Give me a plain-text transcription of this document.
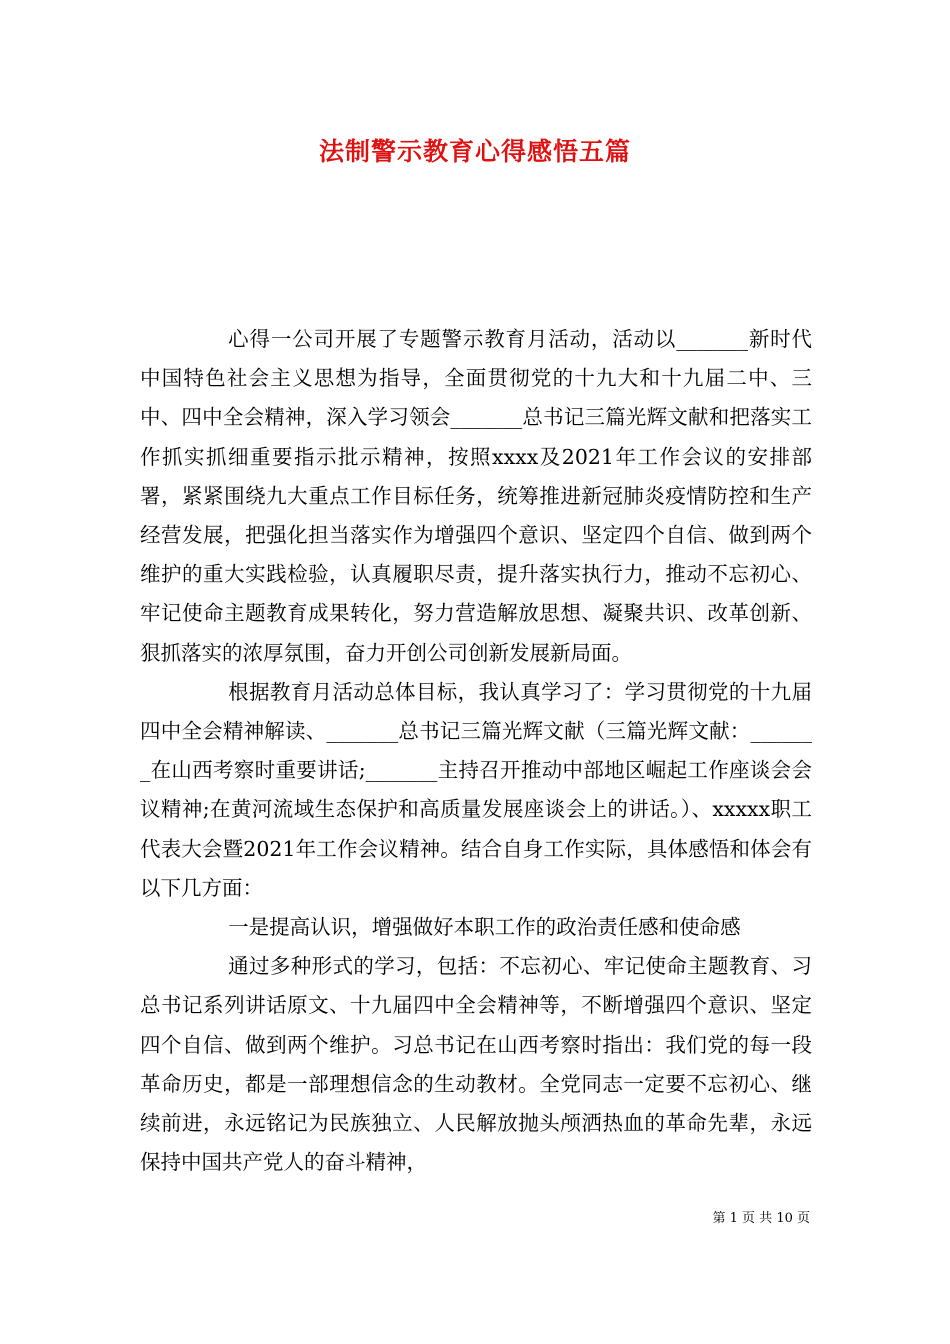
法制警示教育心得感悟五篇

心得一公司开展了专题警示教育月活动，活动以_______新时代中国特色社会主义思想为指导，全面贯彻党的十九大和十九届二中、三中、四中全会精神，深入学习领会_______总书记三篇光辉文献和把落实工作抓实抓细重要指示批示精神，按照xxxx及2021年工作会议的安排部署，紧紧围绕九大重点工作目标任务，统筹推进新冠肺炎疫情防控和生产经营发展，把强化担当落实作为增强四个意识、坚定四个自信、做到两个维护的重大实践检验，认真履职尽责，提升落实执行力，推动不忘初心、牢记使命主题教育成果转化，努力营造解放思想、凝聚共识、改革创新、狠抓落实的浓厚氛围，奋力开创公司创新发展新局面。

根据教育月活动总体目标，我认真学习了：学习贯彻党的十九届四中全会精神解读、_______总书记三篇光辉文献（三篇光辉文献：_______在山西考察时重要讲话;_______主持召开推动中部地区崛起工作座谈会会议精神;在黄河流域生态保护和高质量发展座谈会上的讲话。）、xxxxx职工代表大会暨2021年工作会议精神。结合自身工作实际，具体感悟和体会有以下几方面：

一是提高认识，增强做好本职工作的政治责任感和使命感

通过多种形式的学习，包括：不忘初心、牢记使命主题教育、习总书记系列讲话原文、十九届四中全会精神等，不断增强四个意识、坚定四个自信、做到两个维护。习总书记在山西考察时指出：我们党的每一段革命历史，都是一部理想信念的生动教材。全党同志一定要不忘初心、继续前进，永远铭记为民族独立、人民解放抛头颅洒热血的革命先辈，永远保持中国共产党人的奋斗精神，

第 1 页 共 10 页
